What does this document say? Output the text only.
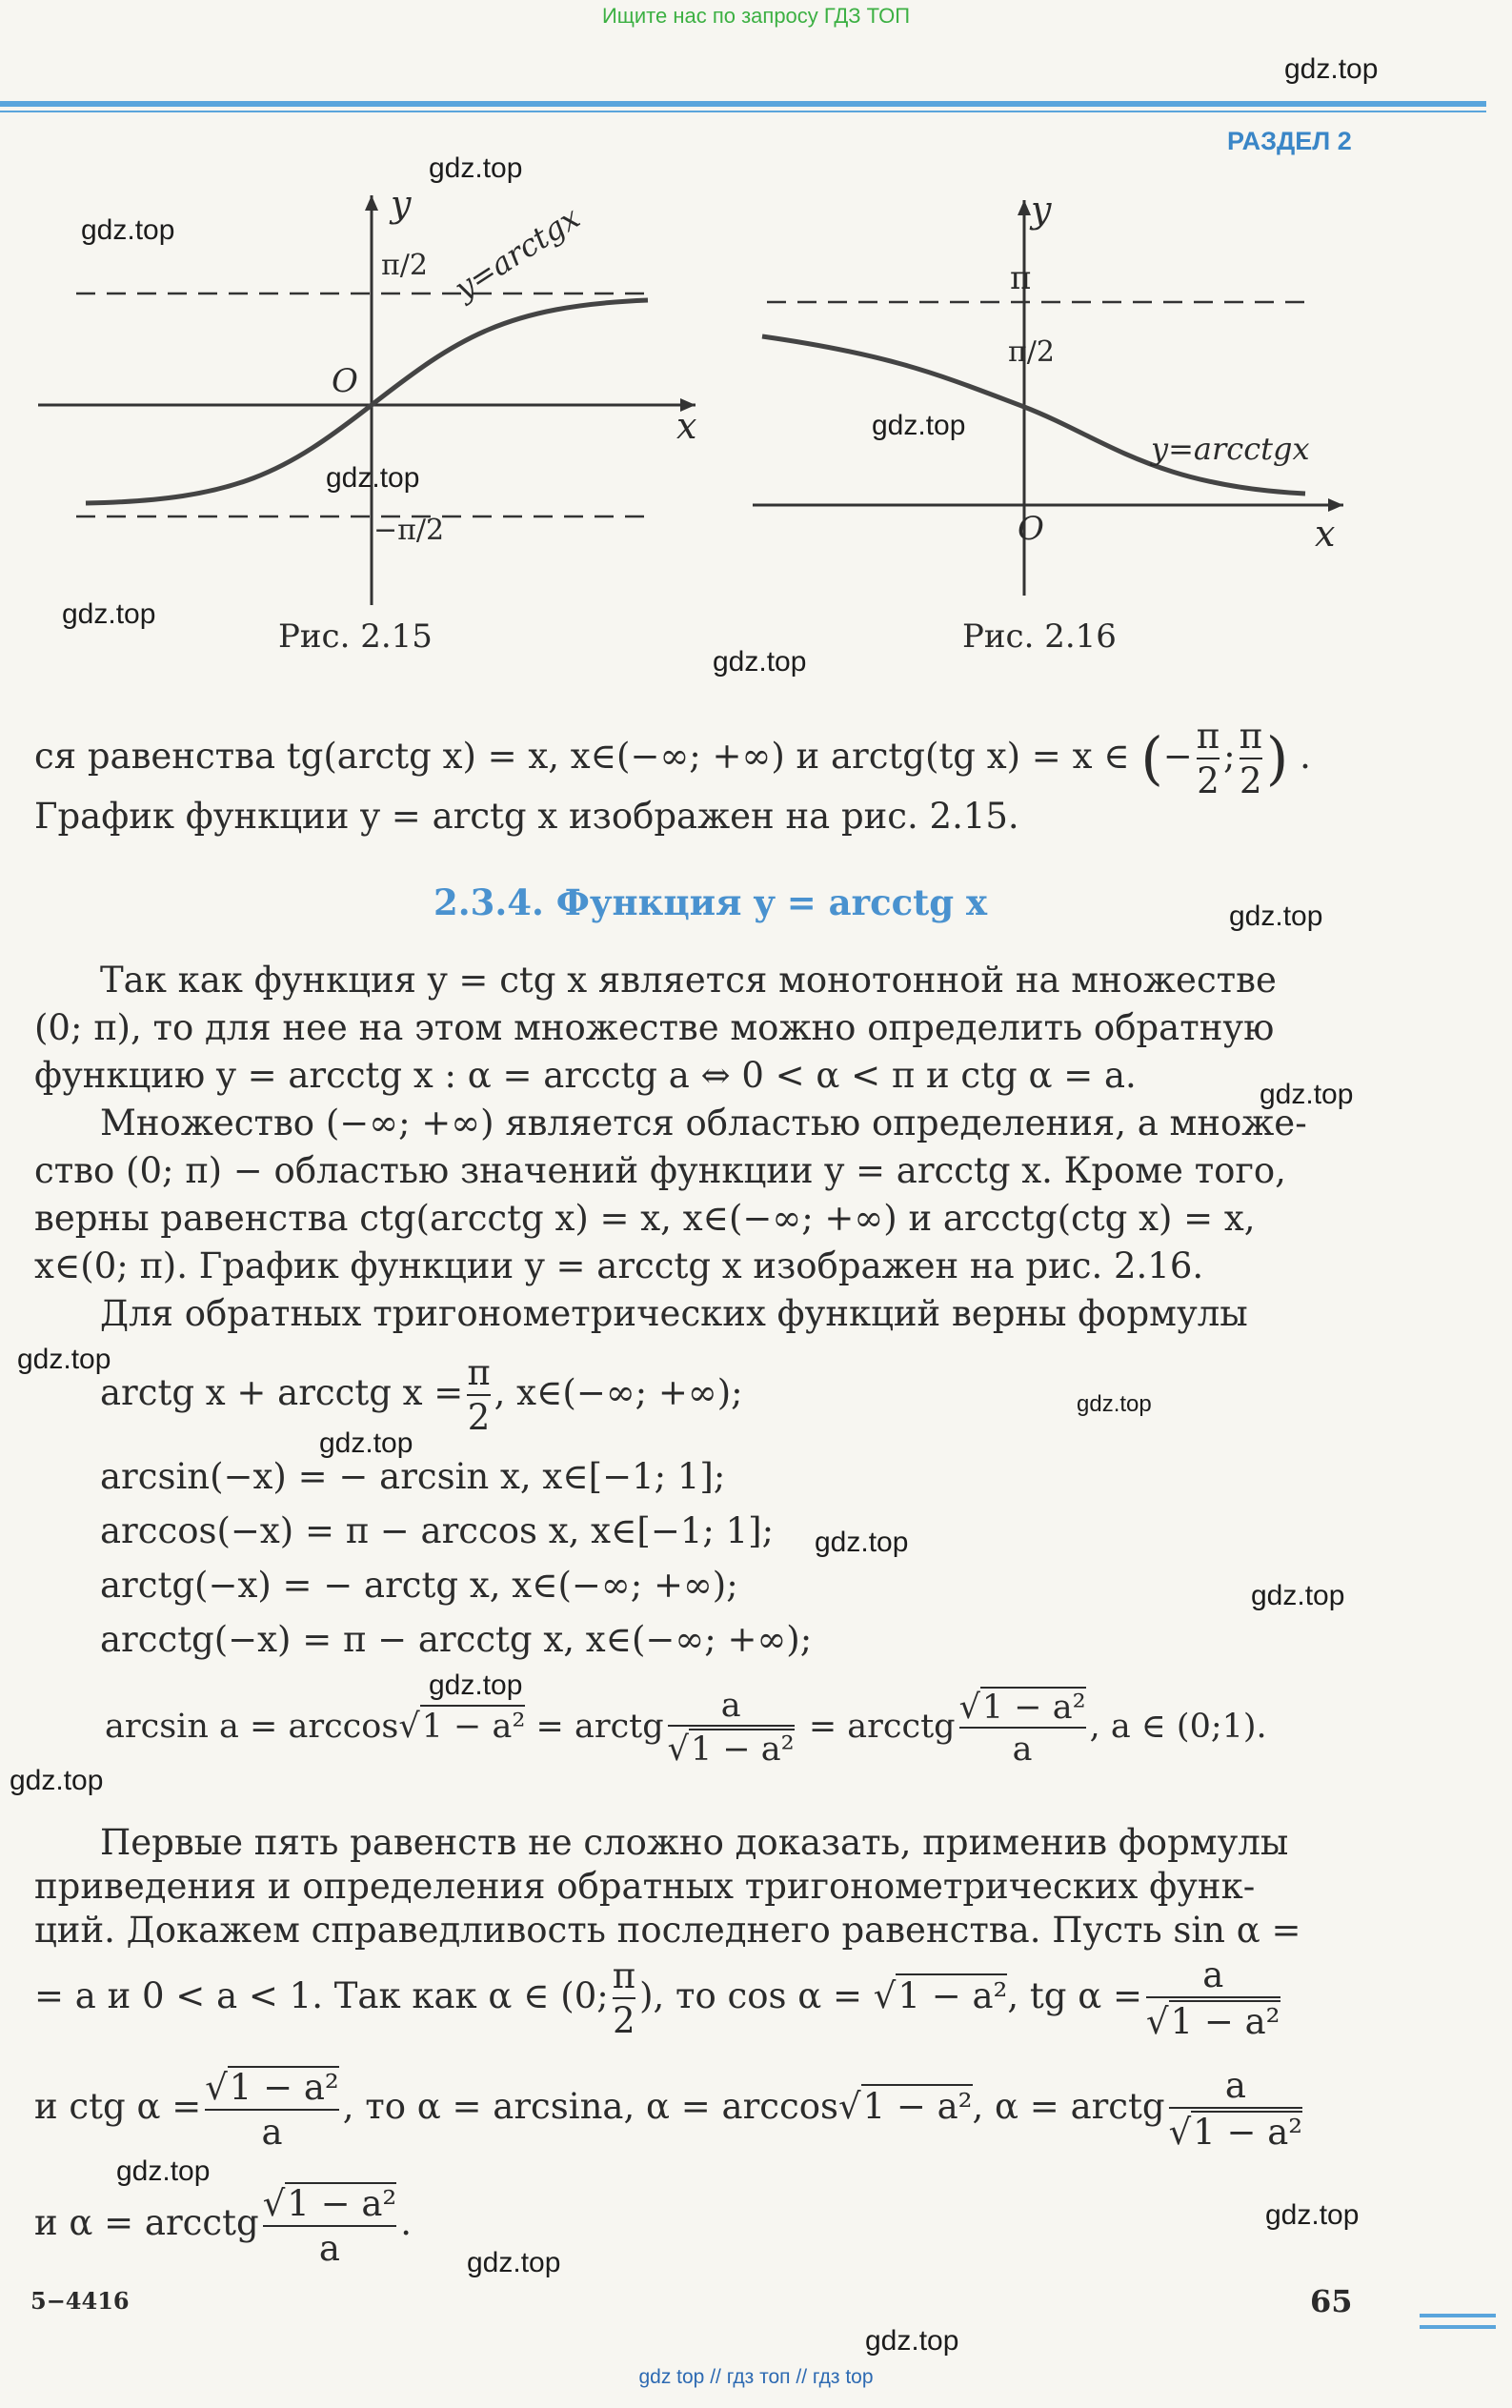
Ищите нас по запросу ГДЗ ТОП
РАЗДЕЛ 2
y
x
O
π/2
−π/2
y=arctgx
Рис. 2.15
y
x
O
π
π/2
y=arcctgx
Рис. 2.16
ся равенства tg(arctg x) = x, x∈(−∞; +∞) и arctg(tg x) = x ∈ (− $\frac{\pi}{2}$ ; $\frac{\pi}{2}$ ) .
График функции y = arctg x изображен на рис. 2.15.
2.3.4. Функция y = arcctg x
Так как функция y = ctg x является монотонной на множестве
(0; π), то для нее на этом множестве можно определить обратную
функцию y = arcctg x : α = arcctg a ⇔ 0 < α < π и ctg α = a.
Множество (−∞; +∞) является областью определения, а множе-
ство (0; π) − областью значений функции y = arcctg x. Кроме того,
верны равенства ctg(arcctg x) = x, x∈(−∞; +∞) и arcctg(ctg x) = x,
x∈(0; π). График функции y = arcctg x изображен на рис. 2.16.
Для обратных тригонометрических функций верны формулы
arctg x + arcctg $x = \frac{\pi}{2}$ , x∈(−∞; +∞);
arcsin(−x) = − arcsin x, x∈[−1; 1];
arccos(−x) = π − arccos x, x∈[−1; 1];
arctg(−x) = − arctg x, x∈(−∞; +∞);
arcctg(−x) = π − arcctg x, x∈(−∞; +∞);
arcsin a = arccos√1 − a² = arctg $\frac{a}{\text{√1 − a²}}$ = arcctg $\frac{\text{√1 − a²}}{a}$ , a ∈ (0;1).
Первые пять равенств не сложно доказать, применив формулы
приведения и определения обратных тригонометрических функ-
ций. Докажем справедливость последнего равенства. Пусть sin α =
= a и 0 < a < 1. Так как α ∈ (0; $\frac{\pi}{2}$ ), то cos α = √1 − a², tg $\alpha = \frac{a}{\text{√1 − a²}}$
и ctg $\alpha = \frac{\text{√1 − a²}}{a}$ , то α = arcsina, α = arccos√1 − a², α = arctg $\frac{a}{\text{√1 − a²}}$
и α = arcctg $\frac{\text{√1 − a²}}{a}$ .
5−4416	65
gdz.top
gdz.top
gdz.top
gdz.top
gdz.top
gdz.top
gdz.top
gdz.top
gdz.top
gdz.top
gdz.top
gdz.top
gdz.top
gdz.top
gdz.top
gdz.top
gdz.top
gdz.top
gdz.top
gdz.top
gdz top // гдз топ // гдз top
